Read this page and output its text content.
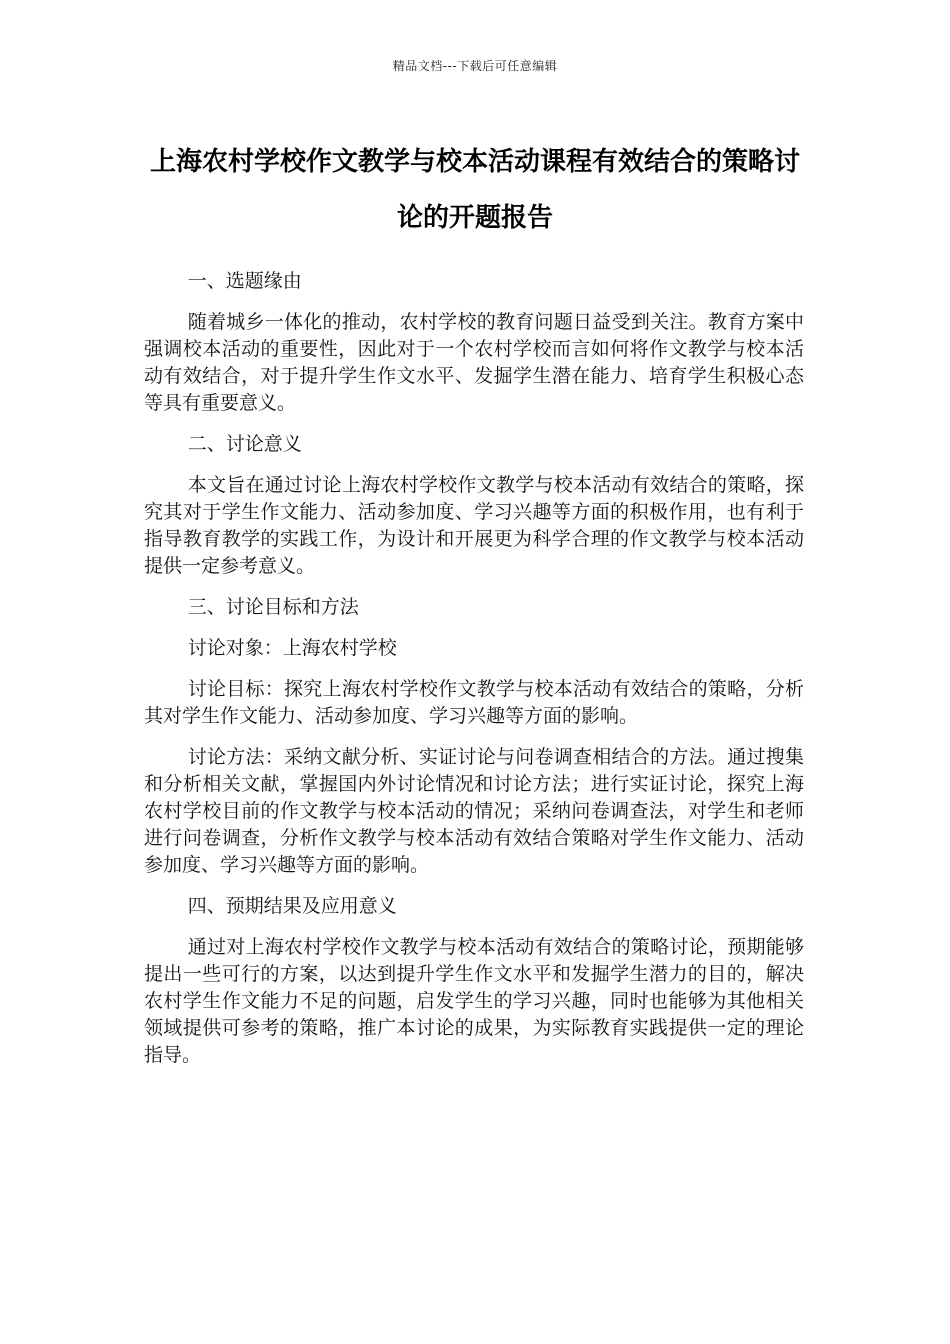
精品文档---下载后可任意编辑
上海农村学校作文教学与校本活动课程有效结合的策略讨论的开题报告

一、选题缘由

随着城乡一体化的推动，农村学校的教育问题日益受到关注。教育方案中强调校本活动的重要性，因此对于一个农村学校而言如何将作文教学与校本活动有效结合，对于提升学生作文水平、发掘学生潜在能力、培育学生积极心态等具有重要意义。

二、讨论意义

本文旨在通过讨论上海农村学校作文教学与校本活动有效结合的策略，探究其对于学生作文能力、活动参加度、学习兴趣等方面的积极作用，也有利于指导教育教学的实践工作，为设计和开展更为科学合理的作文教学与校本活动提供一定参考意义。

三、讨论目标和方法

讨论对象：上海农村学校

讨论目标：探究上海农村学校作文教学与校本活动有效结合的策略，分析其对学生作文能力、活动参加度、学习兴趣等方面的影响。

讨论方法：采纳文献分析、实证讨论与问卷调查相结合的方法。通过搜集和分析相关文献，掌握国内外讨论情况和讨论方法；进行实证讨论，探究上海农村学校目前的作文教学与校本活动的情况；采纳问卷调查法，对学生和老师进行问卷调查，分析作文教学与校本活动有效结合策略对学生作文能力、活动参加度、学习兴趣等方面的影响。

四、预期结果及应用意义

通过对上海农村学校作文教学与校本活动有效结合的策略讨论，预期能够提出一些可行的方案，以达到提升学生作文水平和发掘学生潜力的目的，解决农村学生作文能力不足的问题，启发学生的学习兴趣，同时也能够为其他相关领域提供可参考的策略，推广本讨论的成果，为实际教育实践提供一定的理论指导。
